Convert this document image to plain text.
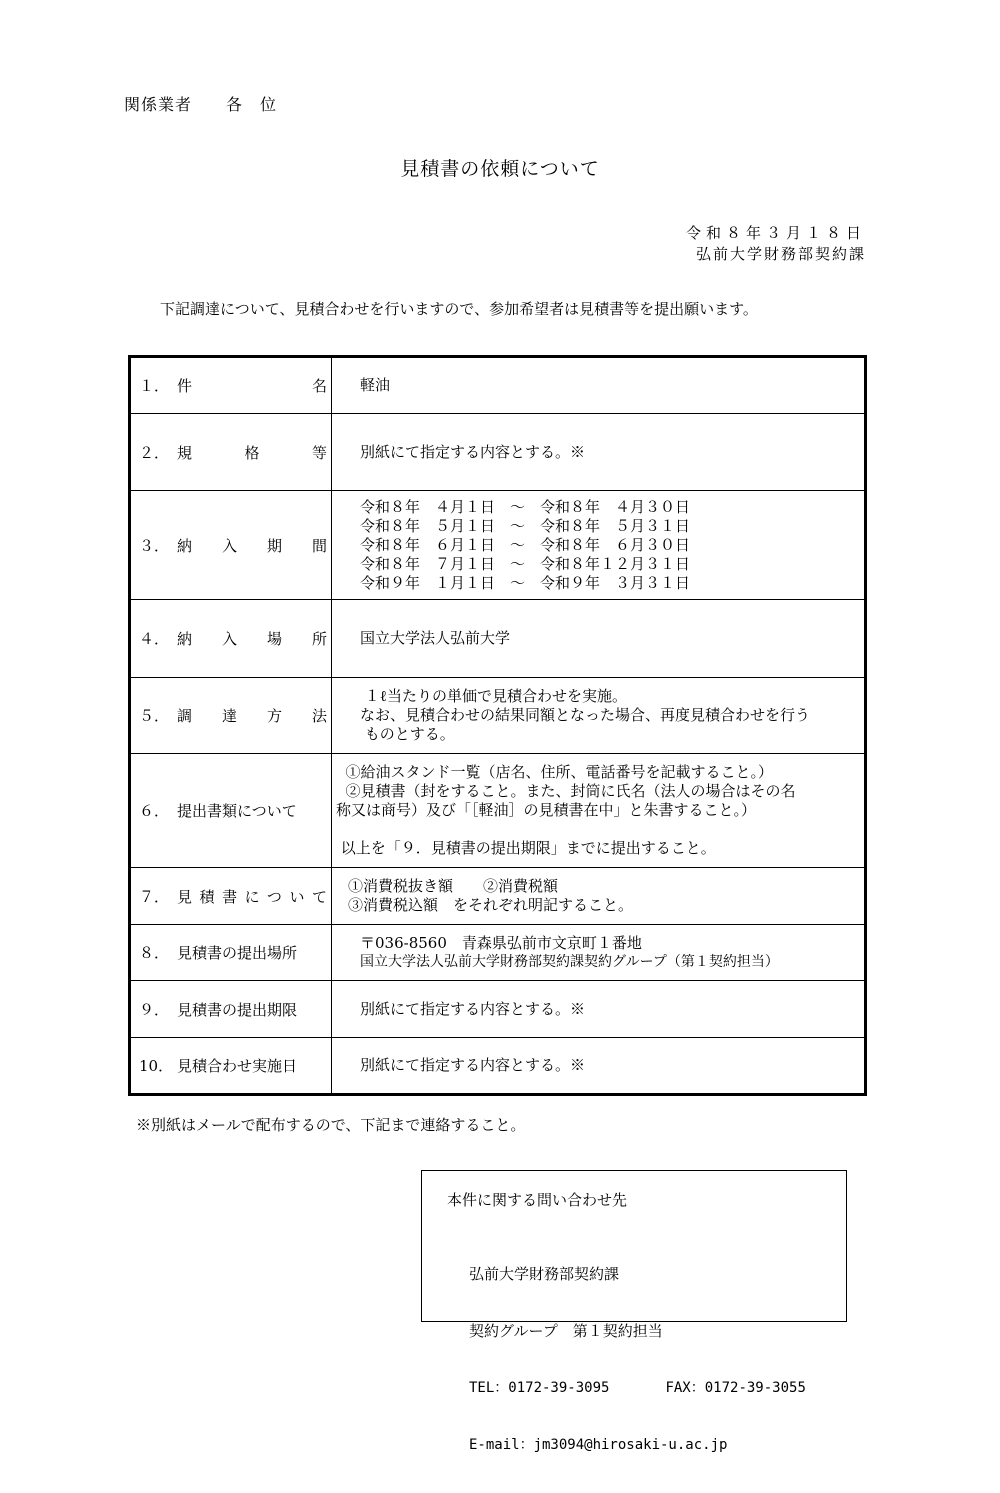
関係業者　　各　位
見積書の依頼について
令和８年３月１８日
弘前大学財務部契約課
下記調達について、見積合わせを行いますので、参加希望者は見積書等を提出願います。
１． 件　　　　名 軽油
２． 規　格　等 別紙にて指定する内容とする。※
３． 納　入　期　間
令和８年　４月１日　～　令和８年　４月３０日
令和８年　５月１日　～　令和８年　５月３１日
令和８年　６月１日　～　令和８年　６月３０日
令和８年　７月１日　～　令和８年１２月３１日
令和９年　１月１日　～　令和９年　３月３１日
４． 納　入　場　所 国立大学法人弘前大学
５． 調　達　方　法
１ℓ当たりの単価で見積合わせを実施。
なお、見積合わせの結果同額となった場合、再度見積合わせを行う
ものとする。
６． 提出書類について
①給油スタンド一覧（店名、住所、電話番号を記載すること。）
②見積書（封をすること。また、封筒に氏名（法人の場合はその名
称又は商号）及び「［軽油］の見積書在中」と朱書すること。）
以上を「９．見積書の提出期限」までに提出すること。
７． 見積書について
①消費税抜き額　　②消費税額
③消費税込額　をそれぞれ明記すること。
８． 見積書の提出場所
〒036-8560　青森県弘前市文京町１番地
国立大学法人弘前大学財務部契約課契約グループ（第１契約担当）
９． 見積書の提出期限	別紙にて指定する内容とする。※
10． 見積合わせ実施日	別紙にて指定する内容とする。※
※別紙はメールで配布するので、下記まで連絡すること。
本件に関する問い合わせ先

弘前大学財務部契約課

契約グループ　第１契約担当

TEL：0172-39-3095	FAX：0172-39-3055

E-mail：jm3094@hirosaki-u.ac.jp
